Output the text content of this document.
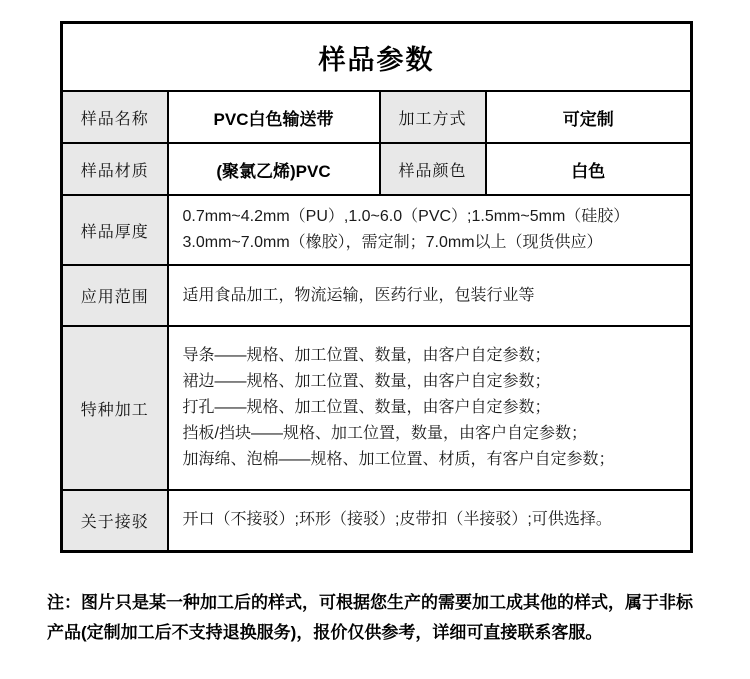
样品参数			
样品名称	PVC白色输送带	加工方式	可定制
样品材质	(聚氯乙烯)PVC	样品颜色	白色
样品厚度	0.7mm~4.2mm（PU）,1.0~6.0（PVC）;1.5mm~5mm（硅胶）
3.0mm~7.0mm（橡胶），需定制；7.0mm以上（现货供应）		

应用范围	适用食品加工，物流运输，医药行业，包装行业等		
特种加工	导条——规格、加工位置、数量，由客户自定参数；
裙边——规格、加工位置、数量，由客户自定参数；
打孔——规格、加工位置、数量，由客户自定参数；
挡板/挡块——规格、加工位置，数量，由客户自定参数；
加海绵、泡棉——规格、加工位置、材质，有客户自定参数；		

关于接驳	开口（不接驳）;环形（接驳）;皮带扣（半接驳）;可供选择。		
注：图片只是某一种加工后的样式，可根据您生产的需要加工成其他的样式，属于非标
产品(定制加工后不支持退换服务)，报价仅供参考，详细可直接联系客服。
